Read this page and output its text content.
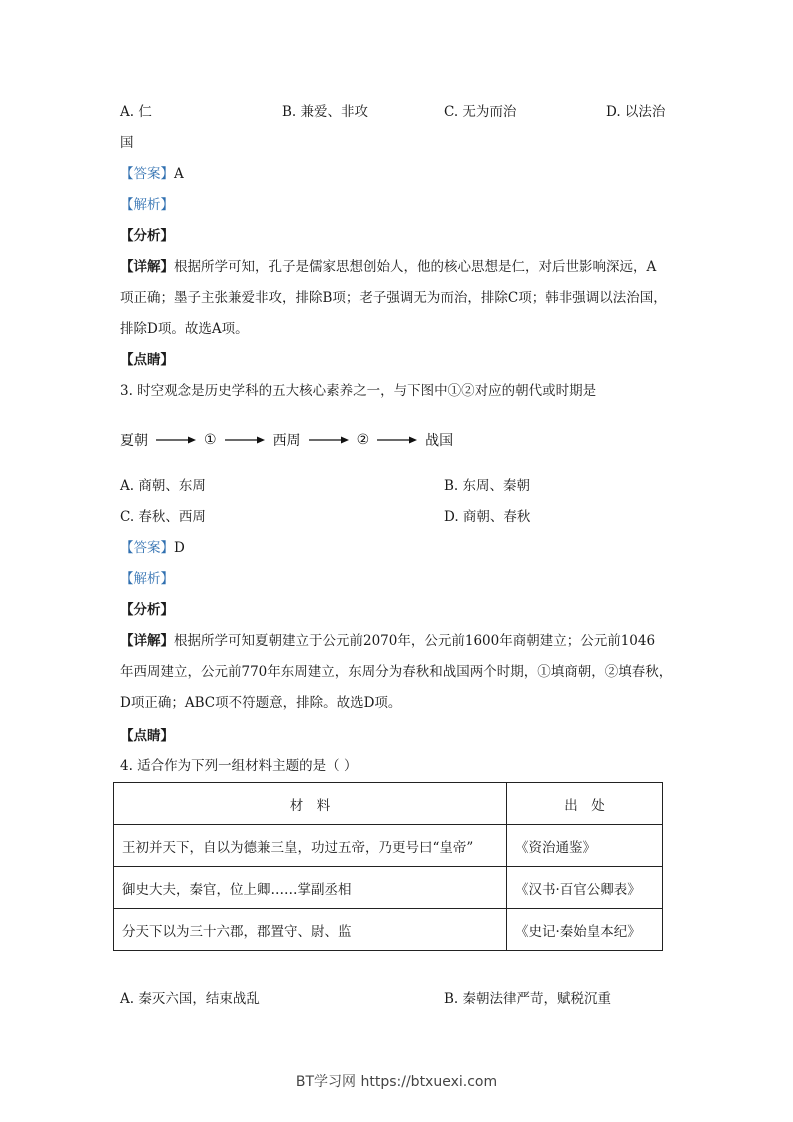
A. 仁	B. 兼爱、非攻	C. 无为而治	D. 以法治
国
【答案】A
【解析】
【分析】
【详解】根据所学可知，孔子是儒家思想创始人，他的核心思想是仁，对后世影响深远，A
项正确；墨子主张兼爱非攻，排除B项；老子强调无为而治，排除C项；韩非强调以法治国，
排除D项。故选A项。
【点睛】
3. 时空观念是历史学科的五大核心素养之一，与下图中①②对应的朝代或时期是
夏朝	①	西周	②	战国
A. 商朝、东周	B. 东周、秦朝
C. 春秋、西周	D. 商朝、春秋
【答案】D
【解析】
【分析】
【详解】根据所学可知夏朝建立于公元前2070年，公元前1600年商朝建立；公元前1046
年西周建立，公元前770年东周建立，东周分为春秋和战国两个时期，①填商朝，②填春秋，
D项正确；ABC项不符题意，排除。故选D项。
【点睛】
4. 适合作为下列一组材料主题的是（ ）
材　料	出　处
王初并天下，自以为德兼三皇，功过五帝，乃更号曰“皇帝”	《资治通鉴》
御史大夫，秦官，位上卿……掌副丞相	《汉书·百官公卿表》
分天下以为三十六郡，郡置守、尉、监	《史记·秦始皇本纪》
A. 秦灭六国，结束战乱	B. 秦朝法律严苛，赋税沉重
BT学习网 https://btxuexi.com
